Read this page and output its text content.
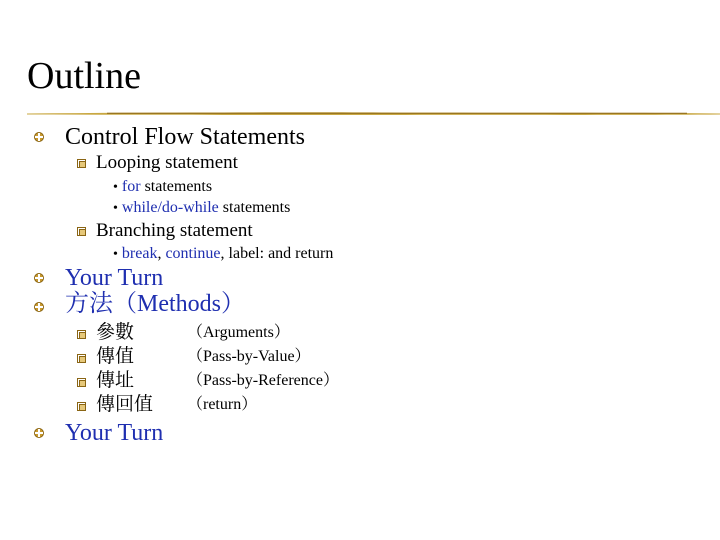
Outline
Control Flow Statements
Looping statement
• for statements
• while/do-while statements
Branching statement
• break, continue, label: and return
Your Turn
方法（Methods）
參數	（Arguments）
傳值	（Pass-by-Value）
傳址	（Pass-by-Reference）
傳回值 （return）
Your Turn
